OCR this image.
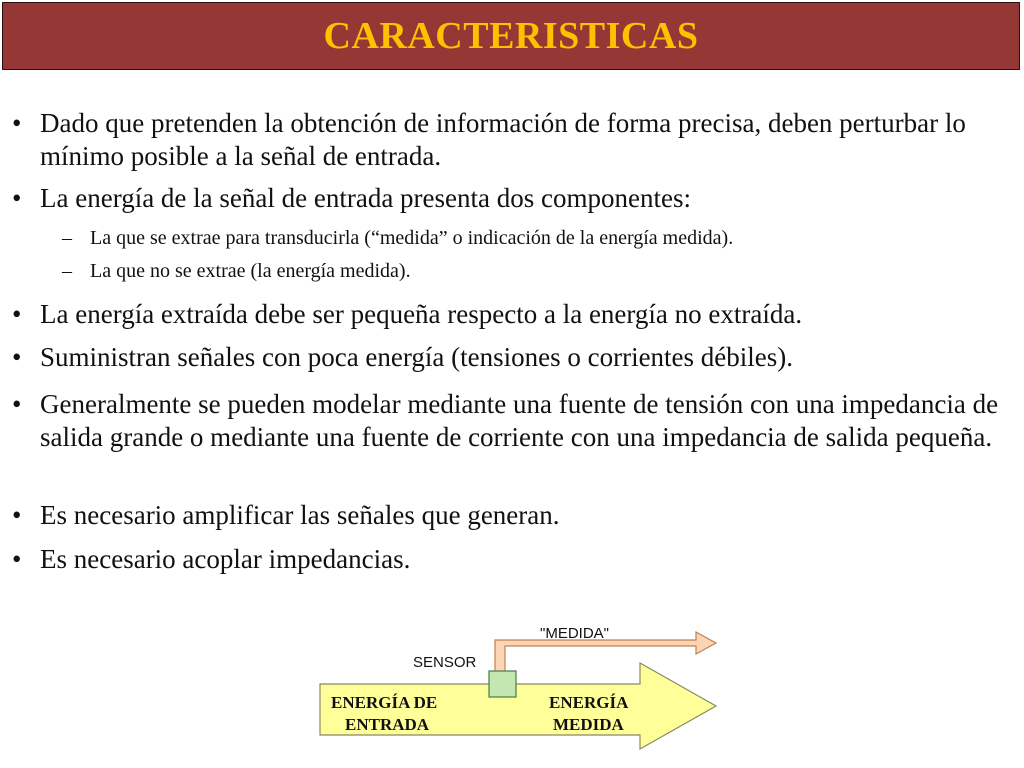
CARACTERISTICAS
• Dado que pretenden la obtención de información de forma precisa, deben perturbar lo mínimo posible a la señal de entrada.
• La energía de la señal de entrada presenta dos componentes:
– La que se extrae para transducirla (“medida” o indicación de la energía medida).
– La que no se extrae (la energía medida).
• La energía extraída debe ser pequeña respecto a la energía no extraída.
• Suministran señales con poca energía (tensiones o corrientes débiles).
• Generalmente se pueden modelar mediante una fuente de tensión con una impedancia de salida grande o mediante una fuente de corriente con una impedancia de salida pequeña.
• Es necesario amplificar las señales que generan.
• Es necesario acoplar impedancias.
"MEDIDA"
SENSOR
ENERGÍA DE
ENTRADA
ENERGÍA
MEDIDA
